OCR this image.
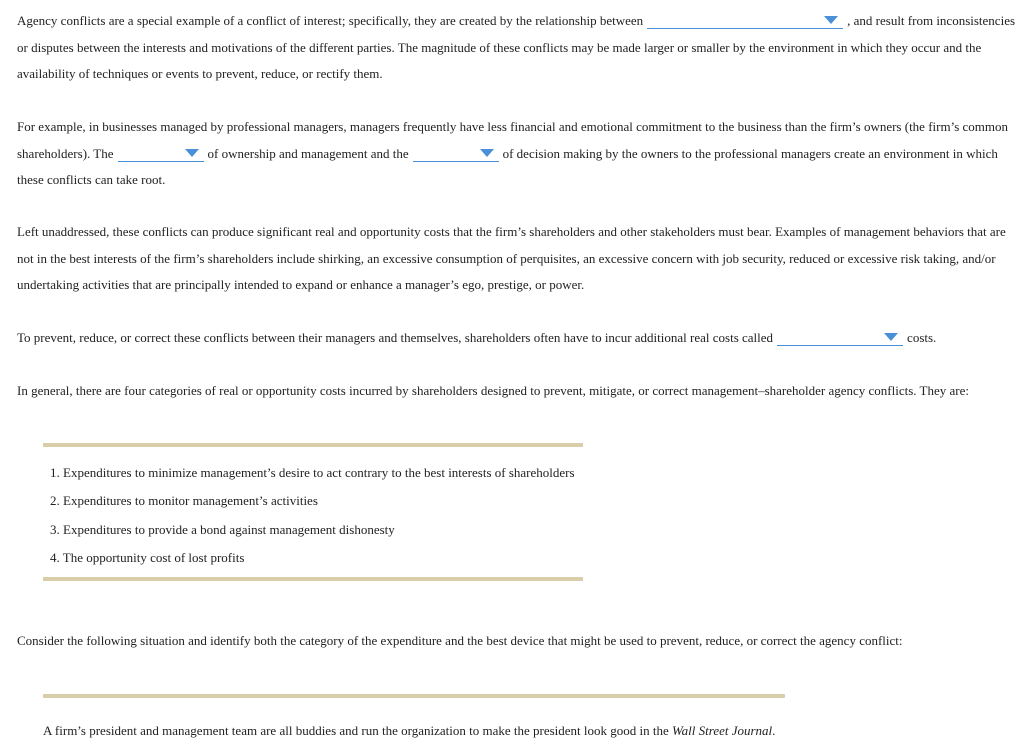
Agency conflicts are a special example of a conflict of interest; specifically, they are created by the relationship between	, and result from inconsistencies or disputes between the interests and motivations of the different parties. The magnitude of these conflicts may be made larger or smaller by the environment in which they occur and the availability of techniques or events to prevent, reduce, or rectify them.

For example, in businesses managed by professional managers, managers frequently have less financial and emotional commitment to the business than the firm’s owners (the firm’s common shareholders). The	of ownership and management and the	of decision making by the owners to the professional managers create an environment in which these conflicts can take root.

Left unaddressed, these conflicts can produce significant real and opportunity costs that the firm’s shareholders and other stakeholders must bear. Examples of management behaviors that are not in the best interests of the firm’s shareholders include shirking, an excessive consumption of perquisites, an excessive concern with job security, reduced or excessive risk taking, and/or undertaking activities that are principally intended to expand or enhance a manager’s ego, prestige, or power.

To prevent, reduce, or correct these conflicts between their managers and themselves, shareholders often have to incur additional real costs called	costs.

In general, there are four categories of real or opportunity costs incurred by shareholders designed to prevent, mitigate, or correct management–shareholder agency conflicts. They are:

1. Expenditures to minimize management’s desire to act contrary to the best interests of shareholders
2. Expenditures to monitor management’s activities
3. Expenditures to provide a bond against management dishonesty
4. The opportunity cost of lost profits

Consider the following situation and identify both the category of the expenditure and the best device that might be used to prevent, reduce, or correct the agency conflict:

A firm’s president and management team are all buddies and run the organization to make the president look good in the Wall Street Journal.
